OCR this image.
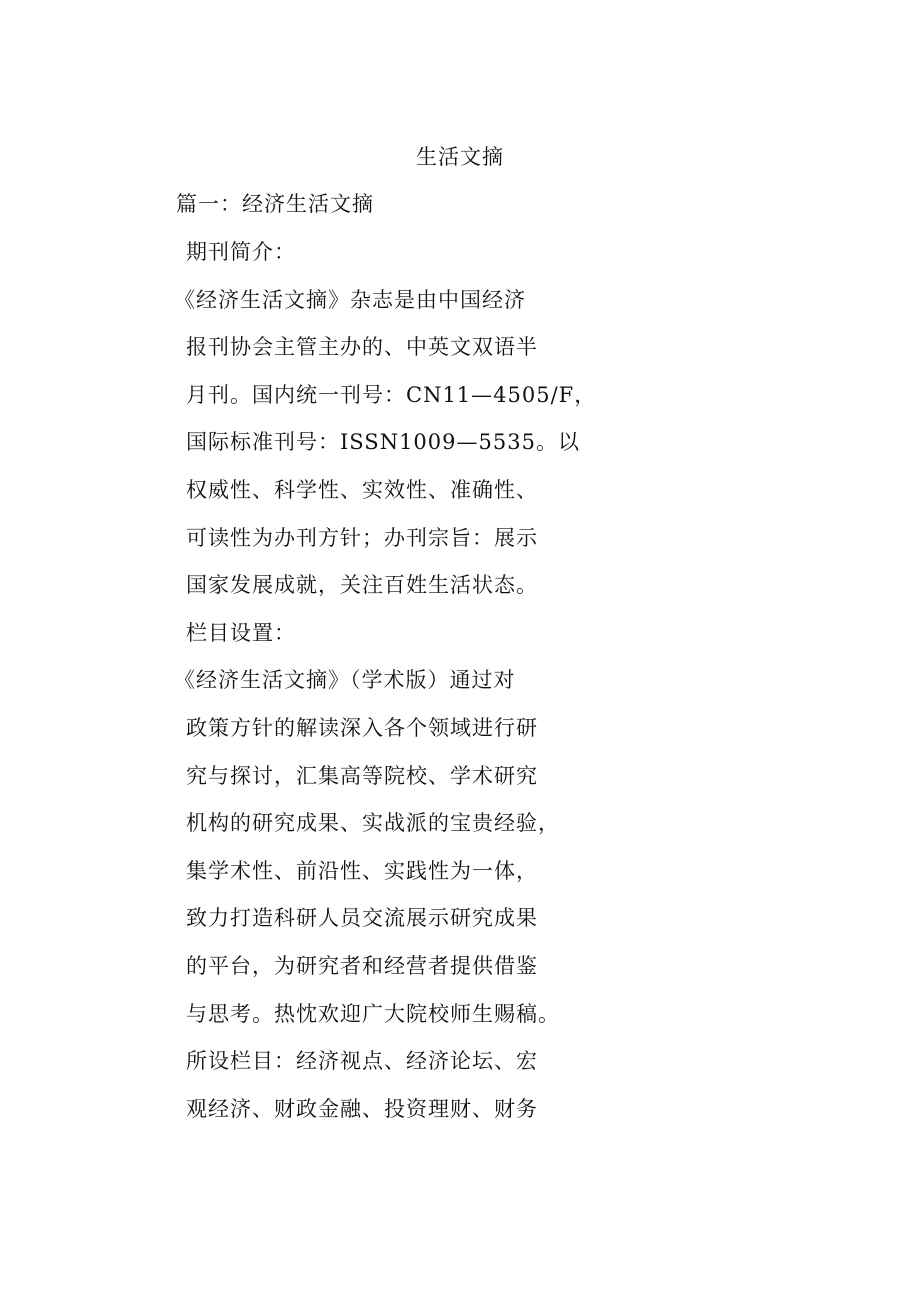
生活文摘
篇一：经济生活文摘
期刊简介：
《经济生活文摘》杂志是由中国经济
报刊协会主管主办的、中英文双语半
月刊。国内统一刊号：CN11—4505/F，
国际标准刊号：ISSN1009—5535。以
权威性、科学性、实效性、准确性、
可读性为办刊方针；办刊宗旨：展示
国家发展成就，关注百姓生活状态。
栏目设置：
《经济生活文摘》（学术版）通过对
政策方针的解读深入各个领域进行研
究与探讨，汇集高等院校、学术研究
机构的研究成果、实战派的宝贵经验，
集学术性、前沿性、实践性为一体，
致力打造科研人员交流展示研究成果
的平台，为研究者和经营者提供借鉴
与思考。热忱欢迎广大院校师生赐稿。
所设栏目：经济视点、经济论坛、宏
观经济、财政金融、投资理财、财务
